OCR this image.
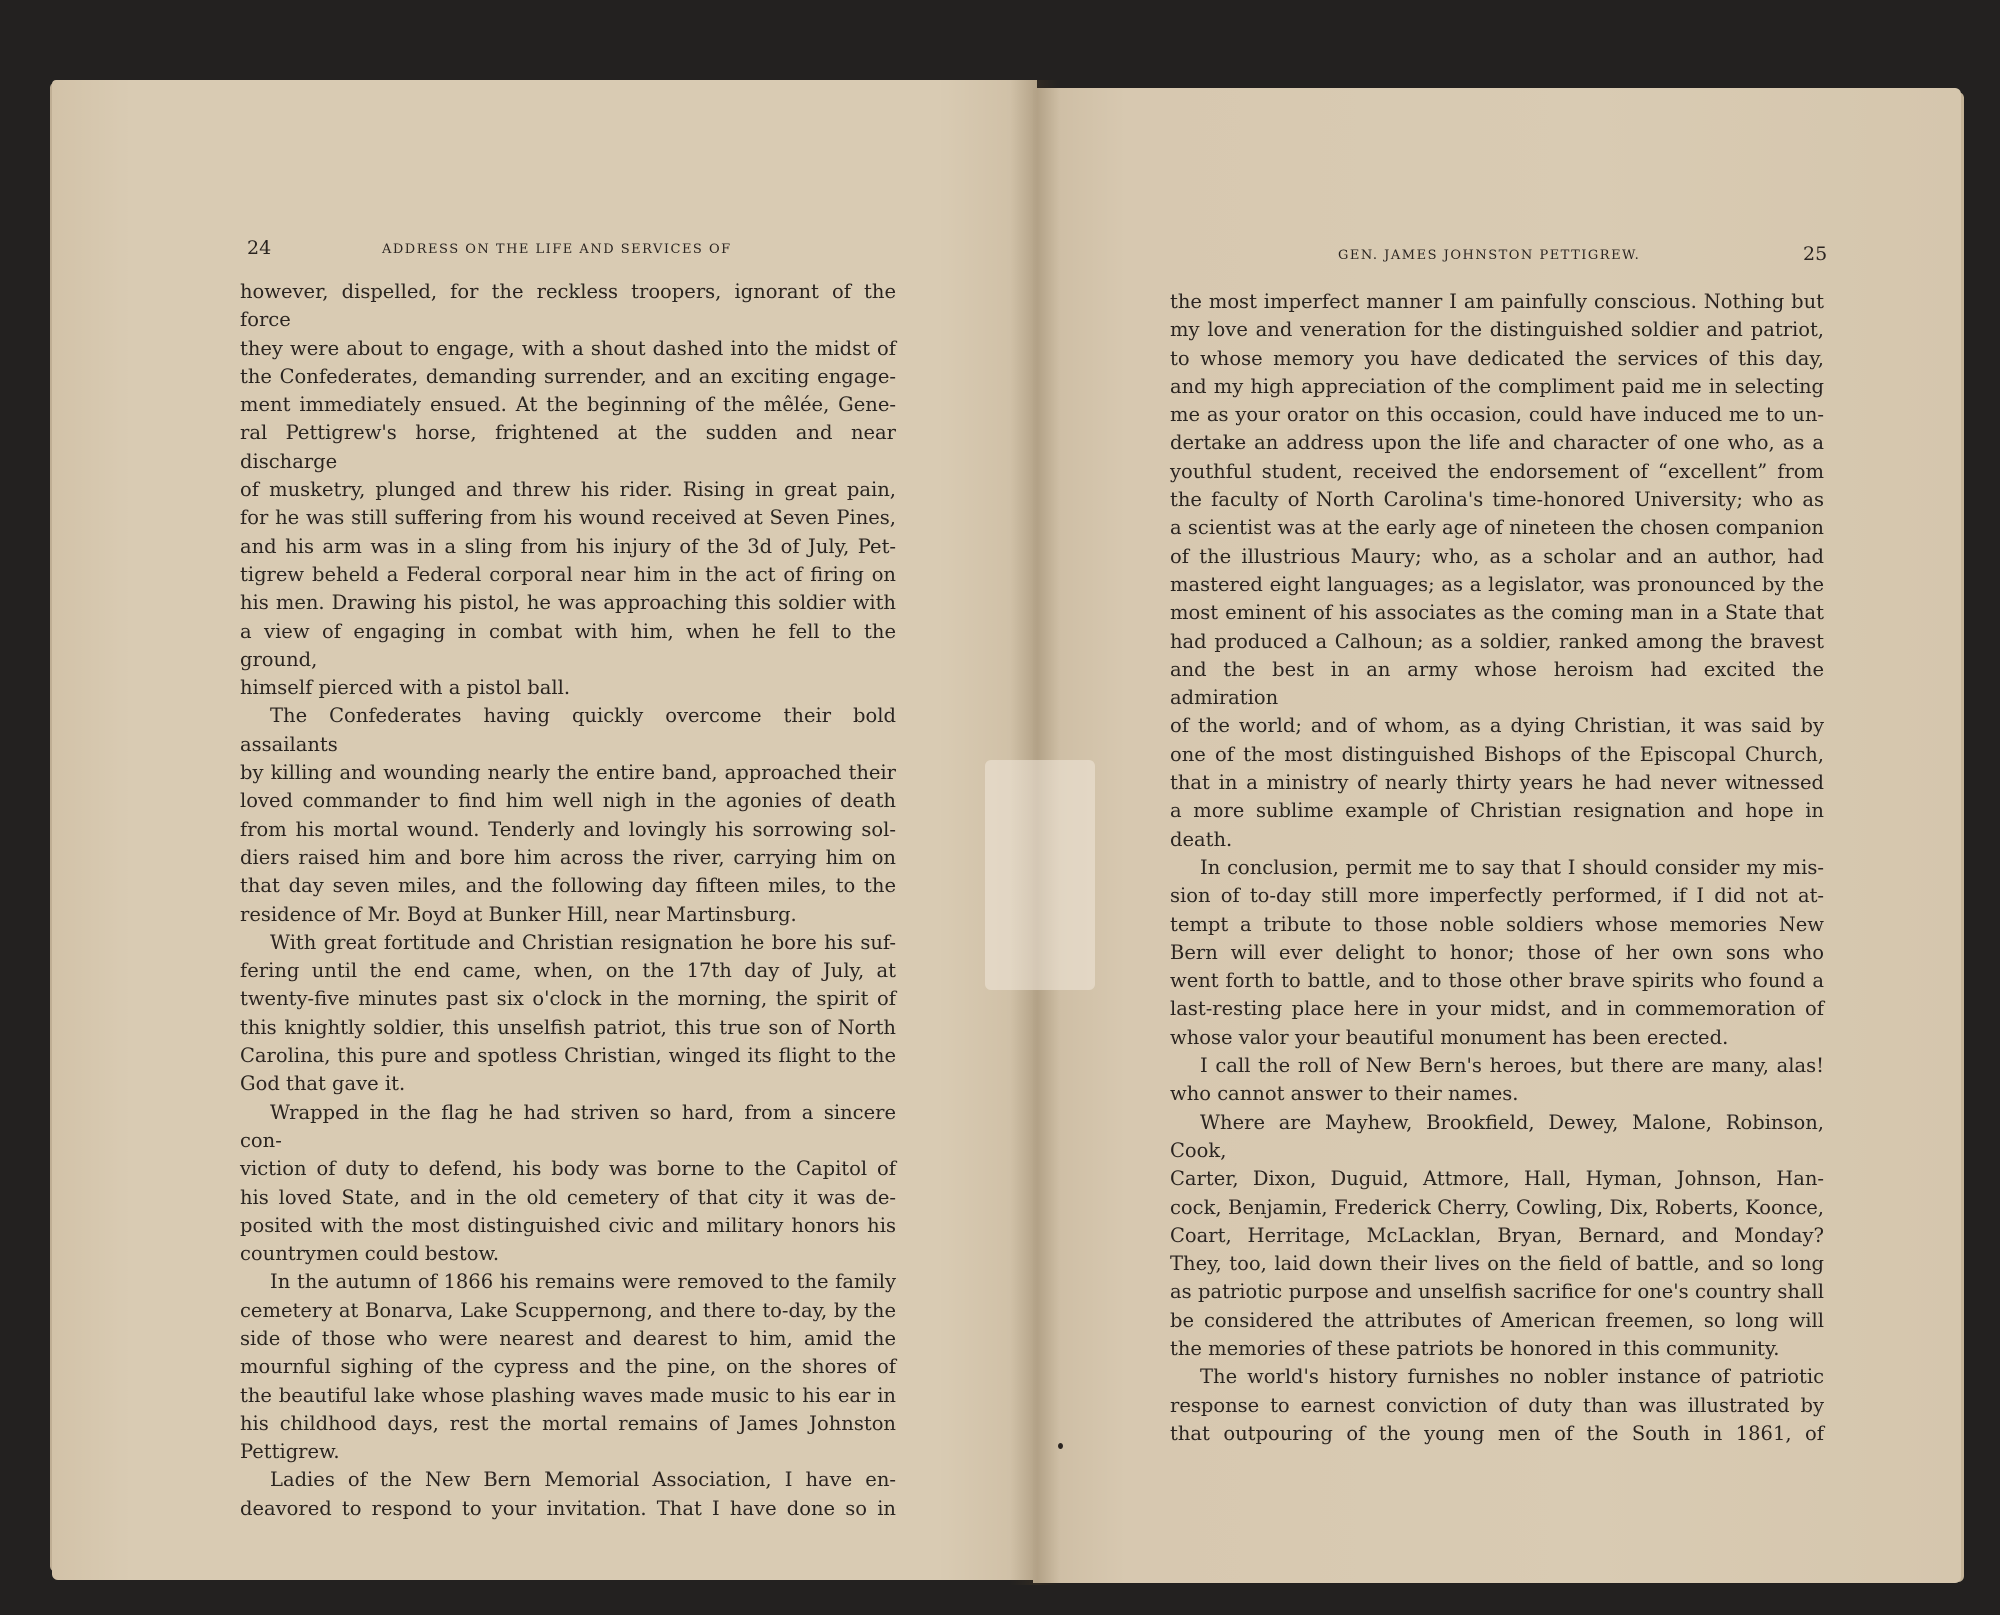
24	ADDRESS ON THE LIFE AND SERVICES OF

however, dispelled, for the reckless troopers, ignorant of the force

they were about to engage, with a shout dashed into the midst of

the Confederates, demanding surrender, and an exciting engage-

ment immediately ensued. At the beginning of the mêlée, Gene-

ral Pettigrew's horse, frightened at the sudden and near discharge

of musketry, plunged and threw his rider. Rising in great pain,

for he was still suffering from his wound received at Seven Pines,

and his arm was in a sling from his injury of the 3d of July, Pet-

tigrew beheld a Federal corporal near him in the act of firing on

his men. Drawing his pistol, he was approaching this soldier with

a view of engaging in combat with him, when he fell to the ground,

himself pierced with a pistol ball.

The Confederates having quickly overcome their bold assailants

by killing and wounding nearly the entire band, approached their

loved commander to find him well nigh in the agonies of death

from his mortal wound. Tenderly and lovingly his sorrowing sol-

diers raised him and bore him across the river, carrying him on

that day seven miles, and the following day fifteen miles, to the

residence of Mr. Boyd at Bunker Hill, near Martinsburg.

With great fortitude and Christian resignation he bore his suf-

fering until the end came, when, on the 17th day of July, at

twenty-five minutes past six o'clock in the morning, the spirit of

this knightly soldier, this unselfish patriot, this true son of North

Carolina, this pure and spotless Christian, winged its flight to the

God that gave it.

Wrapped in the flag he had striven so hard, from a sincere con-

viction of duty to defend, his body was borne to the Capitol of

his loved State, and in the old cemetery of that city it was de-

posited with the most distinguished civic and military honors his

countrymen could bestow.

In the autumn of 1866 his remains were removed to the family

cemetery at Bonarva, Lake Scuppernong, and there to-day, by the

side of those who were nearest and dearest to him, amid the

mournful sighing of the cypress and the pine, on the shores of

the beautiful lake whose plashing waves made music to his ear in

his childhood days, rest the mortal remains of James Johnston

Pettigrew.

Ladies of the New Bern Memorial Association, I have en-

deavored to respond to your invitation. That I have done so in

GEN. JAMES JOHNSTON PETTIGREW.	25

the most imperfect manner I am painfully conscious. Nothing but

my love and veneration for the distinguished soldier and patriot,

to whose memory you have dedicated the services of this day,

and my high appreciation of the compliment paid me in selecting

me as your orator on this occasion, could have induced me to un-

dertake an address upon the life and character of one who, as a

youthful student, received the endorsement of “excellent” from

the faculty of North Carolina's time-honored University; who as

a scientist was at the early age of nineteen the chosen companion

of the illustrious Maury; who, as a scholar and an author, had

mastered eight languages; as a legislator, was pronounced by the

most eminent of his associates as the coming man in a State that

had produced a Calhoun; as a soldier, ranked among the bravest

and the best in an army whose heroism had excited the admiration

of the world; and of whom, as a dying Christian, it was said by

one of the most distinguished Bishops of the Episcopal Church,

that in a ministry of nearly thirty years he had never witnessed

a more sublime example of Christian resignation and hope in

death.

In conclusion, permit me to say that I should consider my mis-

sion of to-day still more imperfectly performed, if I did not at-

tempt a tribute to those noble soldiers whose memories New

Bern will ever delight to honor; those of her own sons who

went forth to battle, and to those other brave spirits who found a

last-resting place here in your midst, and in commemoration of

whose valor your beautiful monument has been erected.

I call the roll of New Bern's heroes, but there are many, alas!

who cannot answer to their names.

Where are Mayhew, Brookfield, Dewey, Malone, Robinson, Cook,

Carter, Dixon, Duguid, Attmore, Hall, Hyman, Johnson, Han-

cock, Benjamin, Frederick Cherry, Cowling, Dix, Roberts, Koonce,

Coart, Herritage, McLacklan, Bryan, Bernard, and Monday?

They, too, laid down their lives on the field of battle, and so long

as patriotic purpose and unselfish sacrifice for one's country shall

be considered the attributes of American freemen, so long will

the memories of these patriots be honored in this community.

The world's history furnishes no nobler instance of patriotic

response to earnest conviction of duty than was illustrated by

that outpouring of the young men of the South in 1861, of
